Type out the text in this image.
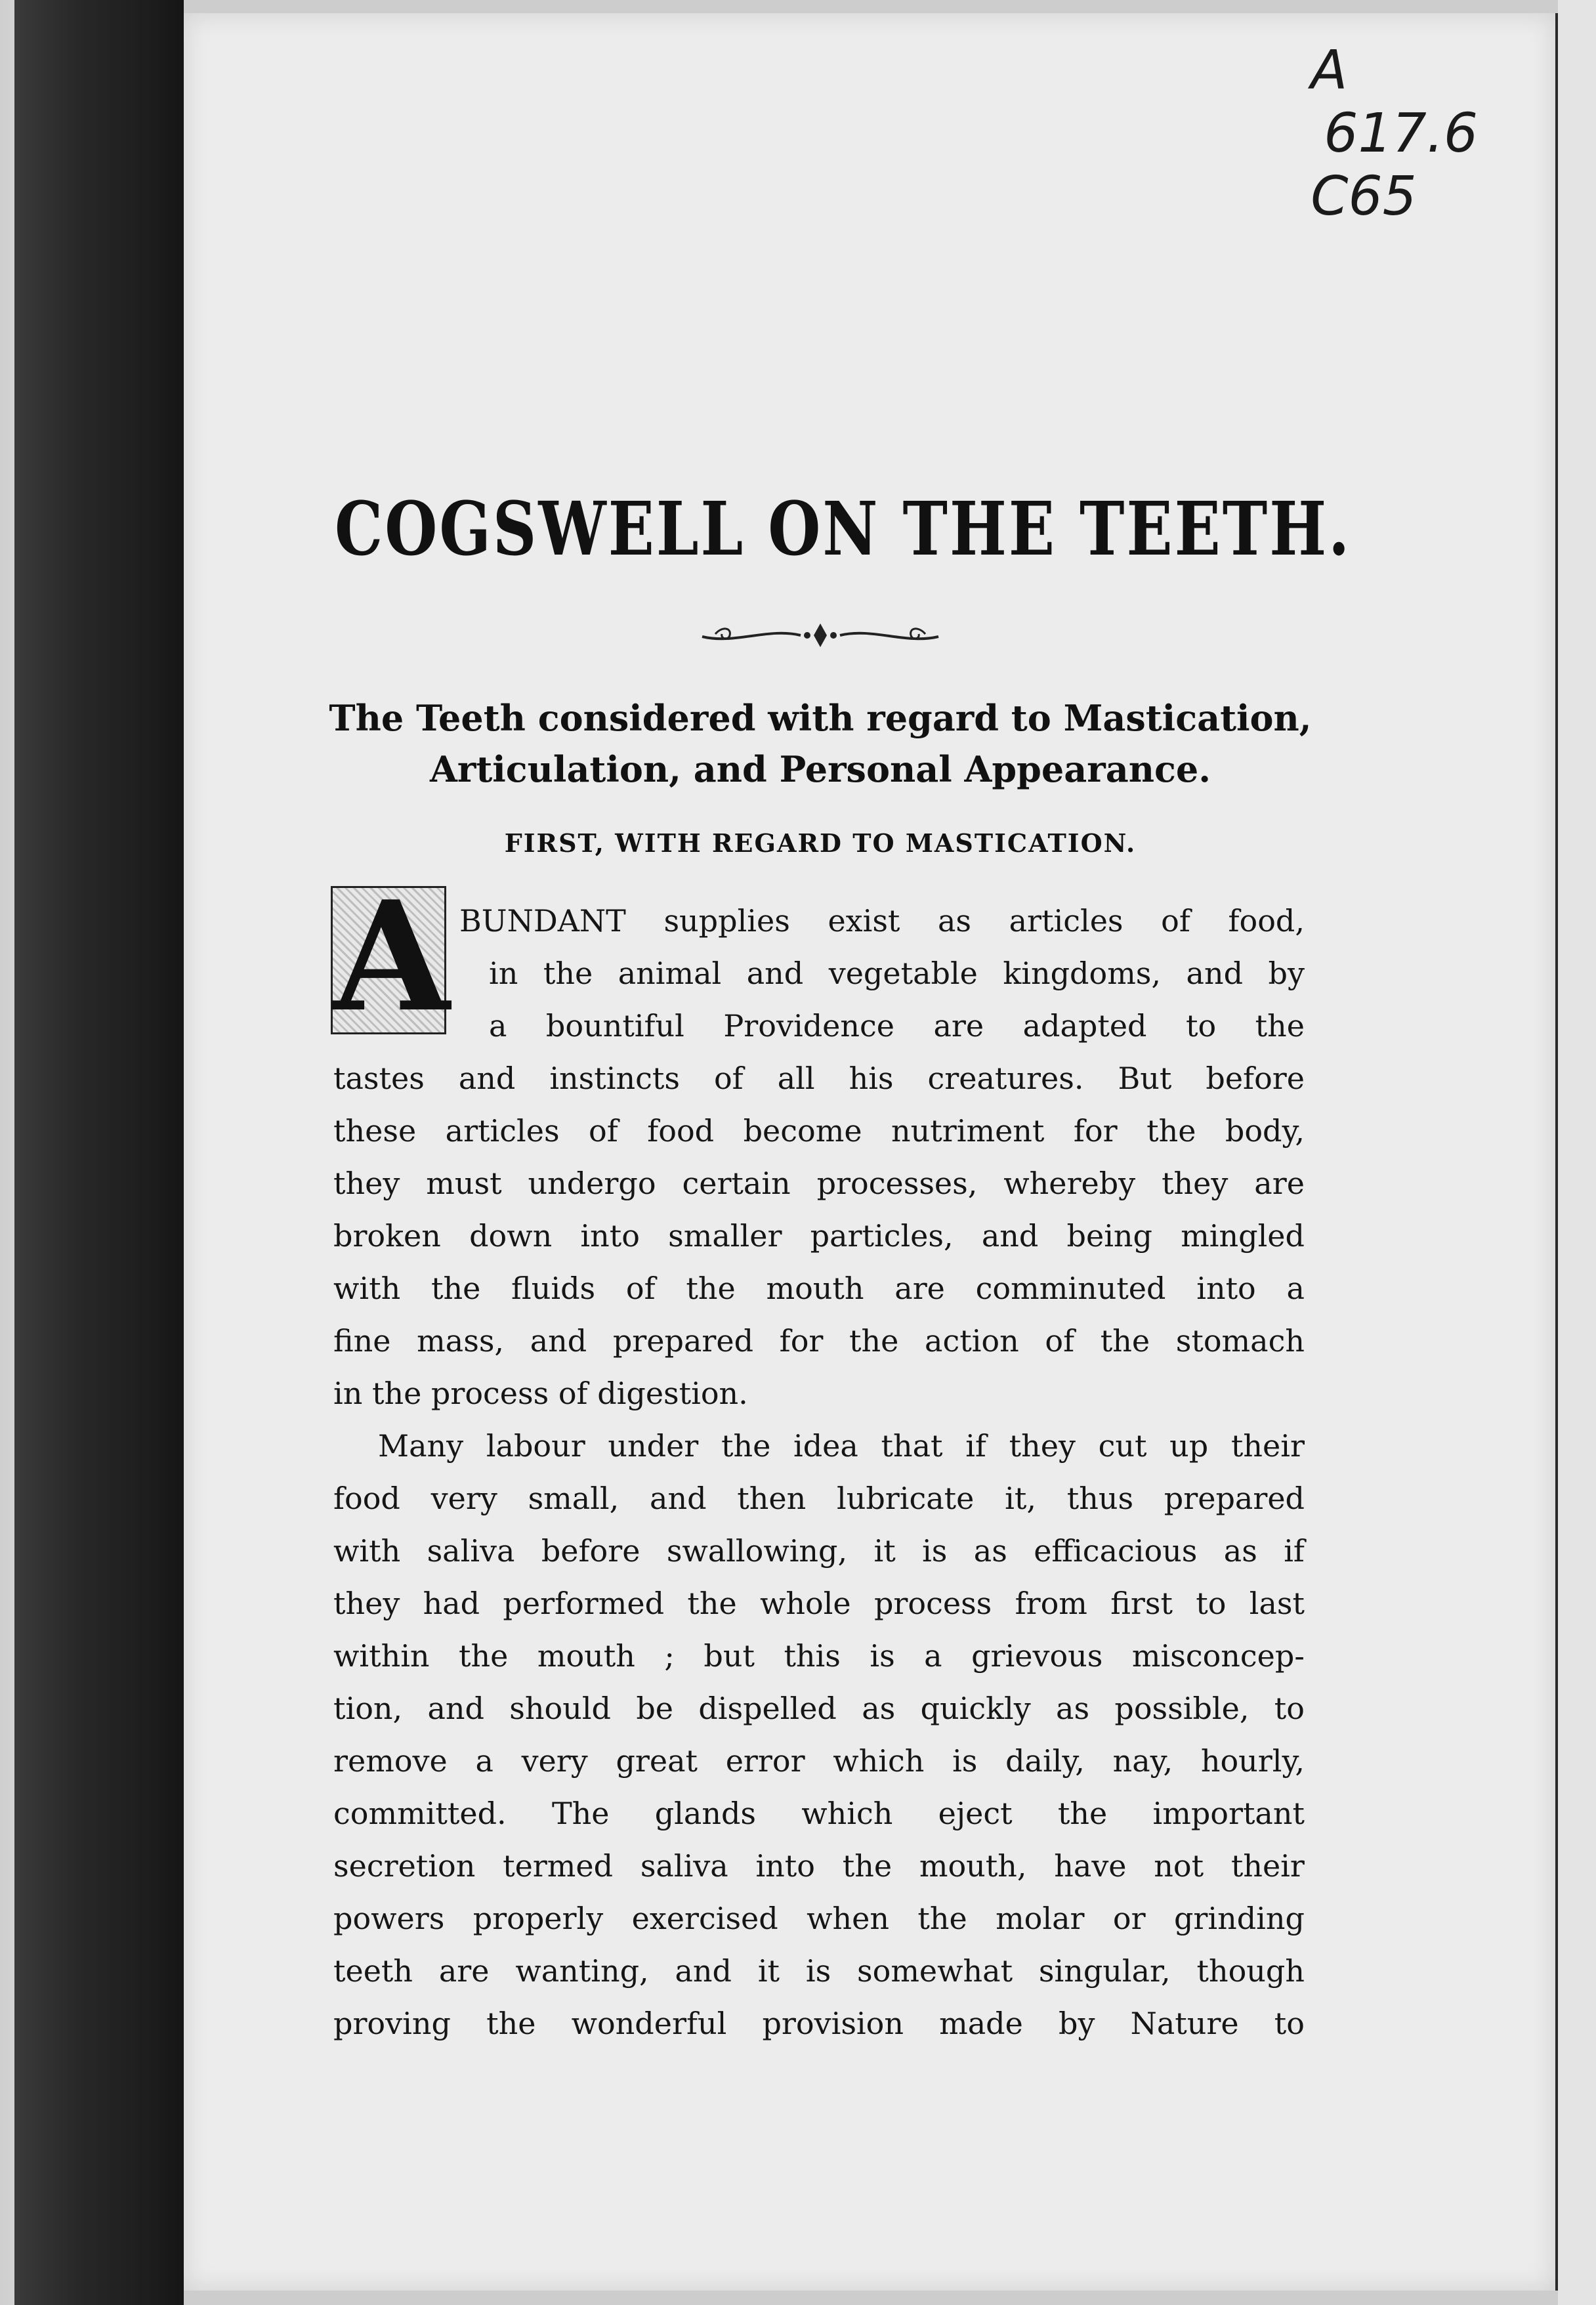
A
617.6
C65
COGSWELL ON THE TEETH.
The Teeth considered with regard to Mastication,
Articulation, and Personal Appearance.
FIRST, WITH REGARD TO MASTICATION.
A BUNDANT supplies exist as articles of food,
in the animal and vegetable kingdoms, and by
a bountiful Providence are adapted to the
tastes and instincts of all his creatures. But before
these articles of food become nutriment for the body,
they must undergo certain processes, whereby they are
broken down into smaller particles, and being mingled
with the fluids of the mouth are comminuted into a
fine mass, and prepared for the action of the stomach
in the process of digestion.
Many labour under the idea that if they cut up their
food very small, and then lubricate it, thus prepared
with saliva before swallowing, it is as efficacious as if
they had performed the whole process from first to last
within the mouth ; but this is a grievous misconcep-
tion, and should be dispelled as quickly as possible, to
remove a very great error which is daily, nay, hourly,
committed. The glands which eject the important
secretion termed saliva into the mouth, have not their
powers properly exercised when the molar or grinding
teeth are wanting, and it is somewhat singular, though
proving the wonderful provision made by Nature to
